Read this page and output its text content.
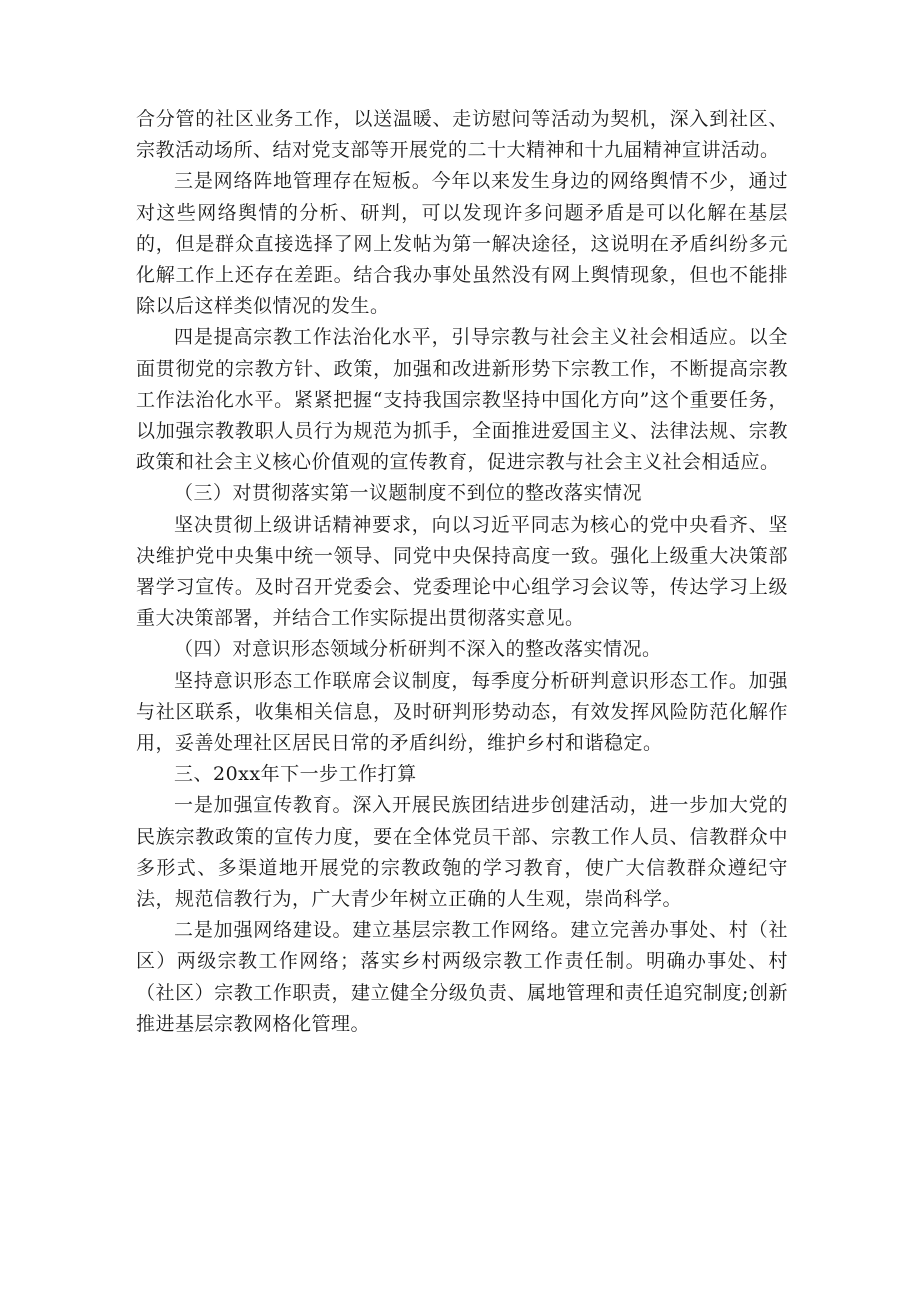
合分管的社区业务工作，以送温暖、走访慰问等活动为契机，深入到社区、宗教活动场所、结对党支部等开展党的二十大精神和十九届精神宣讲活动。

三是网络阵地管理存在短板。今年以来发生身边的网络舆情不少，通过对这些网络舆情的分析、研判，可以发现许多问题矛盾是可以化解在基层的，但是群众直接选择了网上发帖为第一解决途径，这说明在矛盾纠纷多元化解工作上还存在差距。结合我办事处虽然没有网上舆情现象，但也不能排除以后这样类似情况的发生。

四是提高宗教工作法治化水平，引导宗教与社会主义社会相适应。以全面贯彻党的宗教方针、政策，加强和改进新形势下宗教工作，不断提高宗教工作法治化水平。紧紧把握“支持我国宗教坚持中国化方向”这个重要任务，以加强宗教教职人员行为规范为抓手，全面推进爱国主义、法律法规、宗教政策和社会主义核心价值观的宣传教育，促进宗教与社会主义社会相适应。

（三）对贯彻落实第一议题制度不到位的整改落实情况

坚决贯彻上级讲话精神要求，向以习近平同志为核心的党中央看齐、坚决维护党中央集中统一领导、同党中央保持高度一致。强化上级重大决策部署学习宣传。及时召开党委会、党委理论中心组学习会议等，传达学习上级重大决策部署，并结合工作实际提出贯彻落实意见。

（四）对意识形态领域分析研判不深入的整改落实情况。

坚持意识形态工作联席会议制度，每季度分析研判意识形态工作。加强与社区联系，收集相关信息，及时研判形势动态，有效发挥风险防范化解作用，妥善处理社区居民日常的矛盾纠纷，维护乡村和谐稳定。

三、20xx年下一步工作打算

一是加强宣传教育。深入开展民族团结进步创建活动，进一步加大党的民族宗教政策的宣传力度，要在全体党员干部、宗教工作人员、信教群众中多形式、多渠道地开展党的宗教政匏的学习教育，使广大信教群众遵纪守法，规范信教行为，广大青少年树立正确的人生观，崇尚科学。

二是加强网络建设。建立基层宗教工作网络。建立完善办事处、村（社区）两级宗教工作网络；落实乡村两级宗教工作责任制。明确办事处、村（社区）宗教工作职责，建立健全分级负责、属地管理和责任追究制度;创新推进基层宗教网格化管理。
